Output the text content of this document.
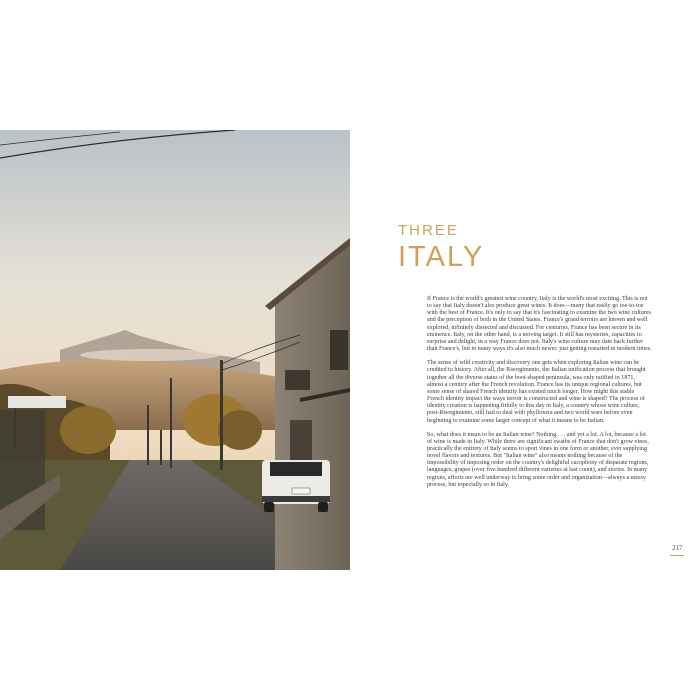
THREE
ITALY

If France is the world's greatest wine country, Italy is the world's most exciting. This is not to say that Italy doesn't also produce great wines. It does—many that easily go toe-to-toe with the best of France. It's only to say that it's fascinating to examine the two wine cultures and the perception of both in the United States. France's grand terroirs are known and well explored, infinitely dissected and discussed. For centuries, France has been secure in its eminence. Italy, on the other hand, is a moving target. It still has mysteries, capacities to surprise and delight, in a way France does not. Italy's wine culture may date back further than France's, but in many ways it's also much newer, just getting restarted in modern times.

The sense of wild creativity and discovery one gets when exploring Italian wine can be credited to history. After all, the Risorgimento, the Italian unification process that brought together all the diverse states of the boot-shaped peninsula, was only ratified in 1871, almost a century after the French revolution. France has its unique regional cultures, but some sense of shared French identity has existed much longer. How might this stable French identity impact the ways terroir is constructed and wine is shaped? The process of identity creation is happening fitfully to this day in Italy, a country whose wine culture, post-Risorgimento, still had to deal with phylloxera and two world wars before even beginning to examine some larger concept of what it means to be Italian.

So, what does it mean to be an Italian wine? Nothing . . . and yet a lot. A lot, because a lot of wine is made in Italy. While there are significant swaths of France that don't grow vines, practically the entirety of Italy seems to sport vines in one form or another, ever supplying novel flavors and textures. But "Italian wine" also means nothing because of the impossibility of imposing order on the country's delightful cacophony of disparate regions, languages, grapes (over five hundred different varieties at last count), and stories. In many regions, efforts are well underway to bring some order and organization—always a messy process, but especially so in Italy.

217
